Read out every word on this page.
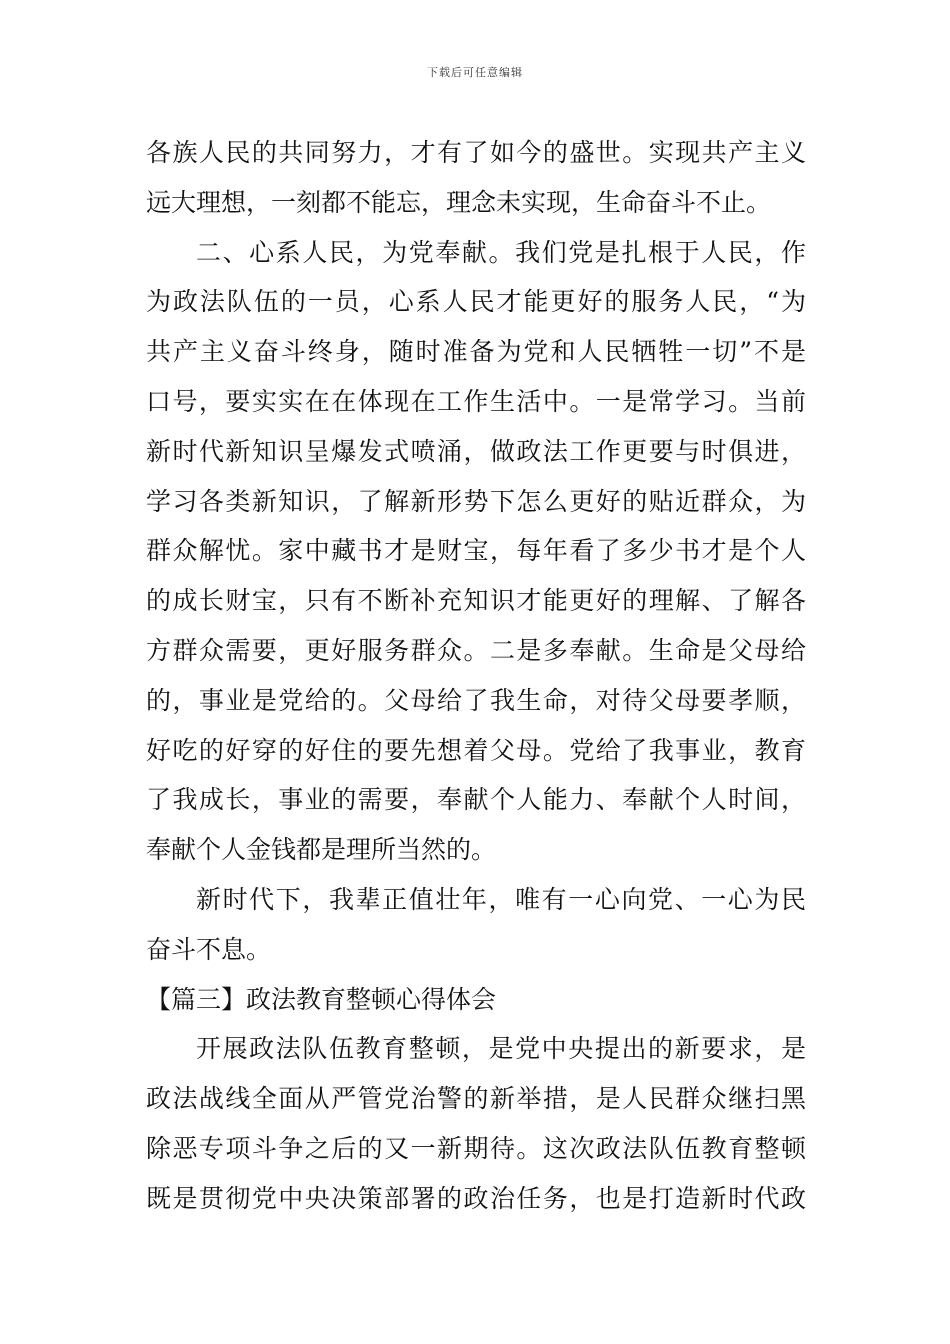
下载后可任意编辑
各族人民的共同努力，才有了如今的盛世。实现共产主义
远大理想，一刻都不能忘，理念未实现，生命奋斗不止。
二、心系人民，为党奉献。我们党是扎根于人民，作
为政法队伍的一员，心系人民才能更好的服务人民，“为
共产主义奋斗终身，随时准备为党和人民牺牲一切”不是
口号，要实实在在体现在工作生活中。一是常学习。当前
新时代新知识呈爆发式喷涌，做政法工作更要与时俱进，
学习各类新知识，了解新形势下怎么更好的贴近群众，为
群众解忧。家中藏书才是财宝，每年看了多少书才是个人
的成长财宝，只有不断补充知识才能更好的理解、了解各
方群众需要，更好服务群众。二是多奉献。生命是父母给
的，事业是党给的。父母给了我生命，对待父母要孝顺，
好吃的好穿的好住的要先想着父母。党给了我事业，教育
了我成长，事业的需要，奉献个人能力、奉献个人时间，
奉献个人金钱都是理所当然的。
新时代下，我辈正值壮年，唯有一心向党、一心为民
奋斗不息。
【篇三】政法教育整顿心得体会
开展政法队伍教育整顿，是党中央提出的新要求，是
政法战线全面从严管党治警的新举措，是人民群众继扫黑
除恶专项斗争之后的又一新期待。这次政法队伍教育整顿
既是贯彻党中央决策部署的政治任务，也是打造新时代政
